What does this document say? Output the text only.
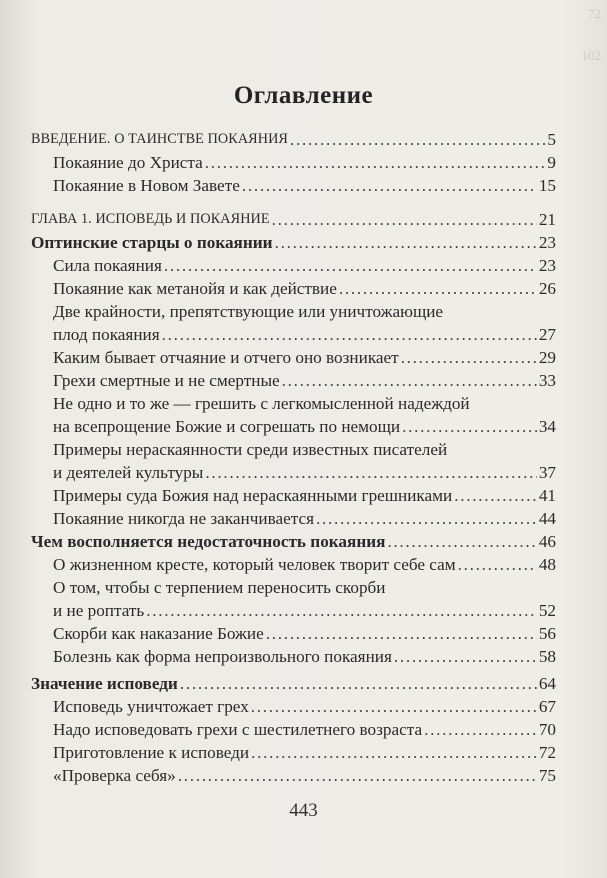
72
102
Оглавление
ВВЕДЕНИЕ. О ТАИНСТВЕ ПОКАЯНИЯ .....	5
Покаяние до Христа .....	9
Покаяние в Новом Завете .....	15
ГЛАВА 1. ИСПОВЕДЬ И ПОКАЯНИЕ .....	21
Оптинские старцы о покаянии .....	23
Сила покаяния .....	23
Покаяние как метанойя и как действие .....	26
Две крайности, препятствующие или уничтожающие
плод покаяния .....	27
Каким бывает отчаяние и отчего оно возникает .....	29
Грехи смертные и не смертные .....	33
Не одно и то же — грешить с легкомысленной надеждой
на всепрощение Божие и согрешать по немощи .....	34
Примеры нераскаянности среди известных писателей
и деятелей культуры .....	37
Примеры суда Божия над нераскаянными грешниками .....	41
Покаяние никогда не заканчивается .....	44
Чем восполняется недостаточность покаяния .....	46
О жизненном кресте, который человек творит себе сам .....	48
О том, чтобы с терпением переносить скорби
и не роптать .....	52
Скорби как наказание Божие .....	56
Болезнь как форма непроизвольного покаяния .....	58
Значение исповеди .....	64
Исповедь уничтожает грех .....	67
Надо исповедовать грехи с шестилетнего возраста .....	70
Приготовление к исповеди .....	72
«Проверка себя» .....	75
443
